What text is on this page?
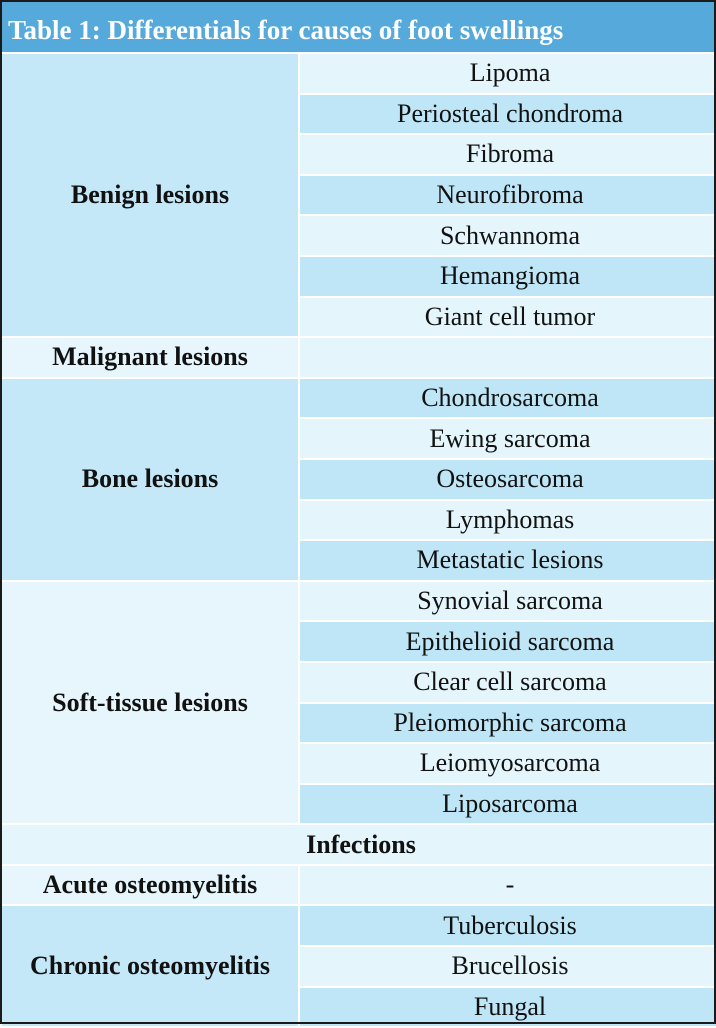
Table 1: Differentials for causes of foot swellings
Benign lesions	Lipoma
	Periosteal chondroma
	Fibroma
	Neurofibroma
	Schwannoma
	Hemangioma
	Giant cell tumor
Malignant lesions	
Bone lesions	Chondrosarcoma
	Ewing sarcoma
	Osteosarcoma
	Lymphomas
	Metastatic lesions
Soft-tissue lesions	Synovial sarcoma
	Epithelioid sarcoma
	Clear cell sarcoma
	Pleiomorphic sarcoma
	Leiomyosarcoma
	Liposarcoma
Infections	
Acute osteomyelitis	-
Chronic osteomyelitis	Tuberculosis
	Brucellosis
	Fungal
